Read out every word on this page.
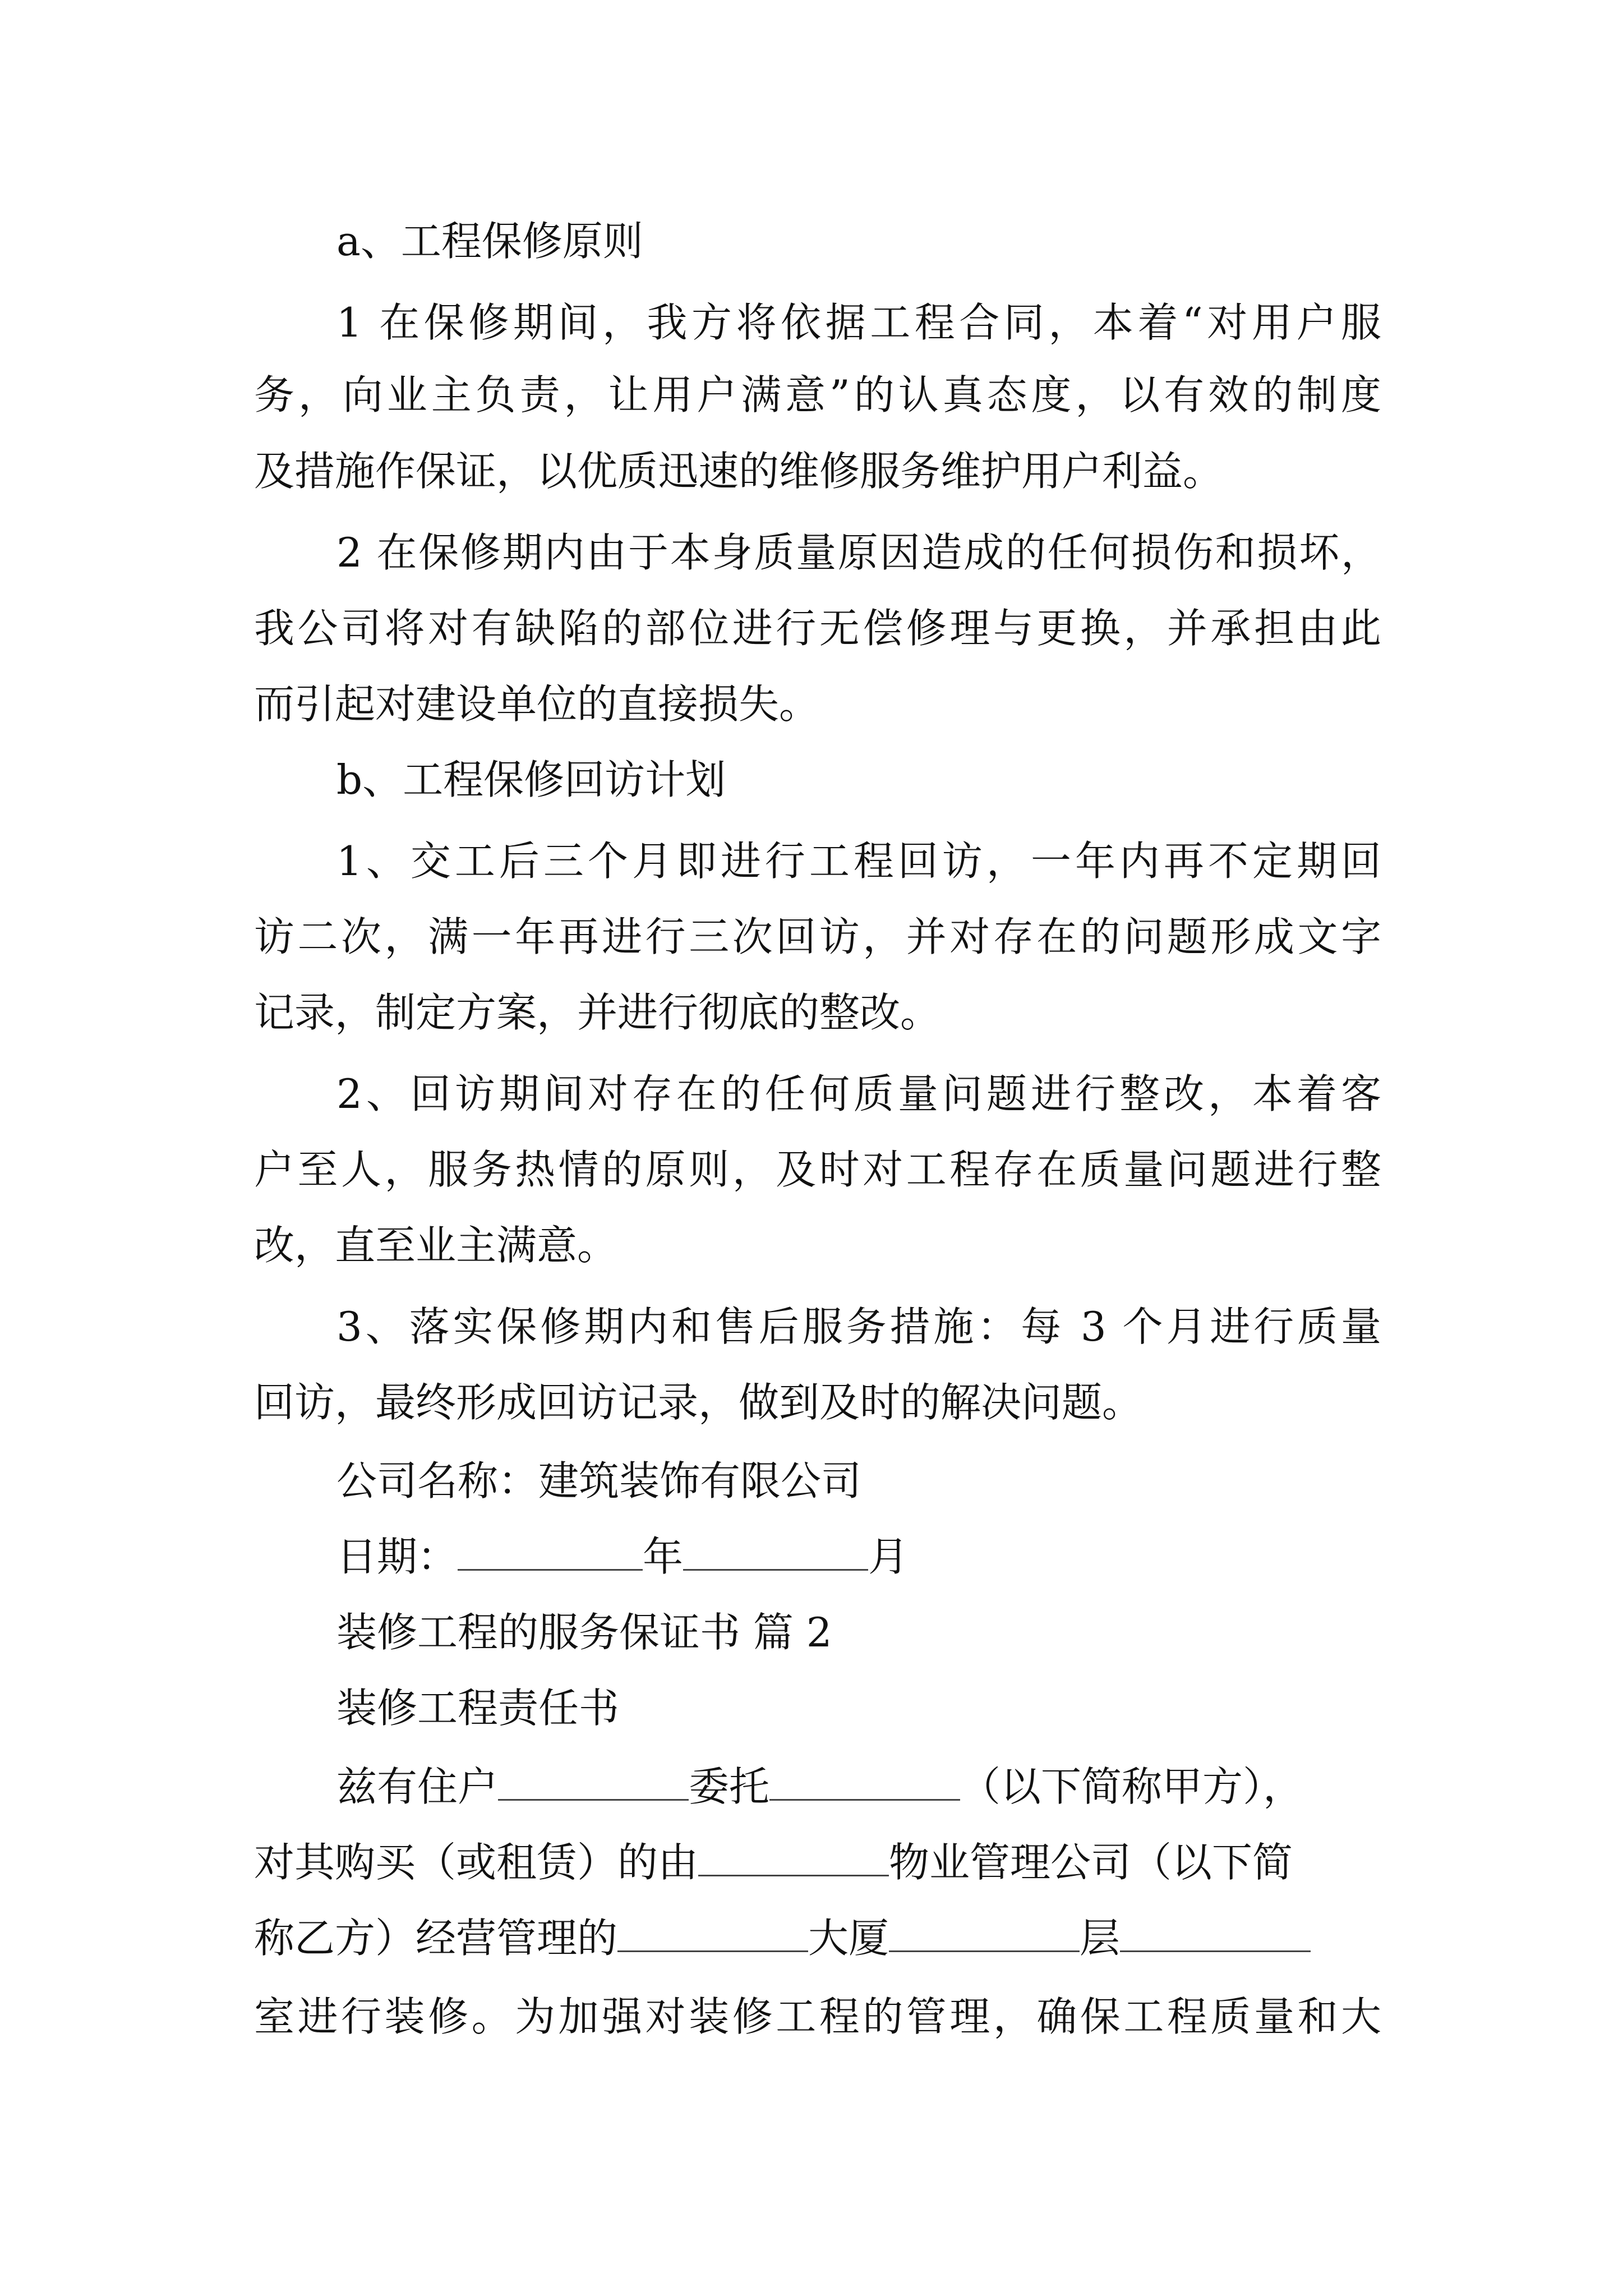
a、工程保修原则

1 在保修期间，我方将依据工程合同，本着“对用户服

务，向业主负责，让用户满意”的认真态度，以有效的制度

及措施作保证，以优质迅速的维修服务维护用户利益。

2 在保修期内由于本身质量原因造成的任何损伤和损坏，

我公司将对有缺陷的部位进行无偿修理与更换，并承担由此

而引起对建设单位的直接损失。

b、工程保修回访计划

1、交工后三个月即进行工程回访，一年内再不定期回

访二次，满一年再进行三次回访，并对存在的问题形成文字

记录，制定方案，并进行彻底的整改。

2、回访期间对存在的任何质量问题进行整改，本着客

户至人，服务热情的原则，及时对工程存在质量问题进行整

改，直至业主满意。

3、落实保修期内和售后服务措施：每 3 个月进行质量

回访，最终形成回访记录，做到及时的解决问题。

公司名称：建筑装饰有限公司

日期：	年	月

装修工程的服务保证书 篇 2

装修工程责任书

兹有住户	委托	（以下简称甲方），

对其购买（或租赁）的由	物业管理公司（以下简

称乙方）经营管理的	大厦	层

室进行装修。为加强对装修工程的管理，确保工程质量和大
